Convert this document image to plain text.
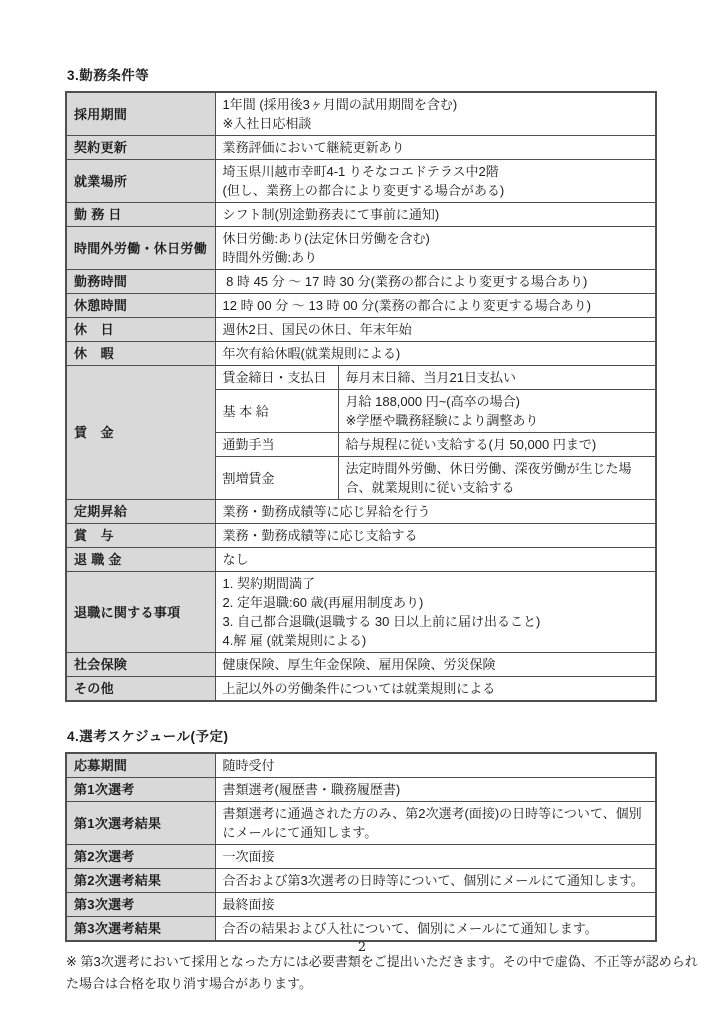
3.勤務条件等
採用期間	1年間 (採用後3ヶ月間の試用期間を含む)
※入社日応相談	

契約更新	業務評価において継続更新あり	

就業場所	埼玉県川越市幸町4-1 りそなコエドテラス中2階
(但し、業務上の都合により変更する場合がある)	

勤 務 日	シフト制(別途勤務表にて事前に通知)	

時間外労働・休日労働	休日労働:あり(法定休日労働を含む)
時間外労働:あり	

勤務時間	8 時 45 分 ～ 17 時 30 分(業務の都合により変更する場合あり)	

休憩時間	12 時 00 分 ～ 13 時 00 分(業務の都合により変更する場合あり)	

休　日	週休2日、国民の休日、年末年始	

休　暇	年次有給休暇(就業規則による)	

賃　金	賃金締日・支払日	毎月末日締、当月21日支払い

	基 本 給	月給 188,000 円~(高卒の場合)
※学歴や職務経験により調整あり

	通勤手当	給与規程に従い支給する(月 50,000 円まで)

	割増賃金	法定時間外労働、休日労働、深夜労働が生じた場合、就業規則に従い支給する

定期昇給	業務・勤務成績等に応じ昇給を行う	

賞　与	業務・勤務成績等に応じ支給する	

退 職 金	なし	

退職に関する事項	1. 契約期間満了
2. 定年退職:60 歳(再雇用制度あり)
3. 自己都合退職(退職する 30 日以上前に届け出ること)
4.解 雇 (就業規則による)	

社会保険	健康保険、厚生年金保険、雇用保険、労災保険	

その他	上記以外の労働条件については就業規則による	
4.選考スケジュール(予定)
応募期間	随時受付

第1次選考	書類選考(履歴書・職務履歴書)

第1次選考結果	書類選考に通過された方のみ、第2次選考(面接)の日時等について、個別にメールにて通知します。

第2次選考	一次面接

第2次選考結果	合否および第3次選考の日時等について、個別にメールにて通知します。

第3次選考	最終面接

第3次選考結果	合否の結果および入社について、個別にメールにて通知します。
※ 第3次選考において採用となった方には必要書類をご提出いただきます。その中で虚偽、不正等が認められた場合は合格を取り消す場合があります。
2
